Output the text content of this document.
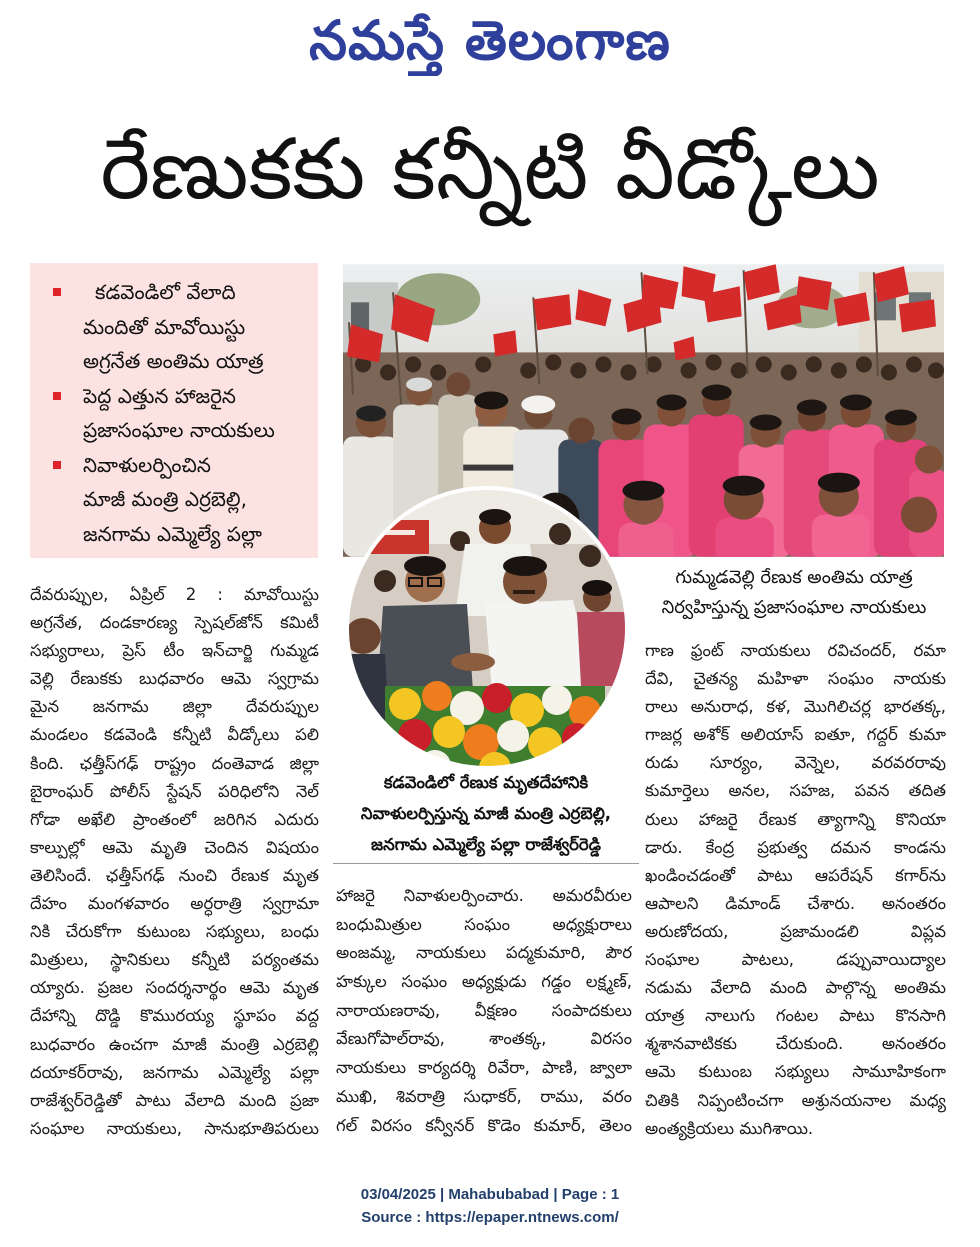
నమస్తే తెలంగాణ
రేణుకకు కన్నీటి వీడ్కోలు
కడవెండిలో వేలాది
మందితో మావోయిస్టు
అగ్రనేత అంతిమ యాత్ర
పెద్ద ఎత్తున హాజరైన
ప్రజాసంఘాల నాయకులు
నివాళులర్పించిన
మాజీ మంత్రి ఎర్రబెల్లి,
జనగామ ఎమ్మెల్యే పల్లా
గుమ్మడవెల్లి రేణుక అంతిమ యాత్ర
నిర్వహిస్తున్న ప్రజాసంఘాల నాయకులు
కడవెండిలో రేణుక మృతదేహానికి
నివాళులర్పిస్తున్న మాజీ మంత్రి ఎర్రబెల్లి,
జనగామ ఎమ్మెల్యే పల్లా రాజేశ్వర్‌రెడ్డి
దేవరుప్పుల, ఏప్రిల్ 2 : మావోయిస్టు
అగ్రనేత, దండకారణ్య స్పెషల్‌జోన్ కమిటీ
సభ్యురాలు, ప్రెస్ టీం ఇన్‌చార్జి గుమ్మడ
వెల్లి రేణుకకు బుధవారం ఆమె స్వగ్రామ
మైన జనగామ జిల్లా దేవరుప్పుల
మండలం కడవెండి కన్నీటి వీడ్కోలు పలి
కింది. ఛత్తీస్‌గఢ్ రాష్ట్రం దంతెవాడ జిల్లా
బైరాంఘర్ పోలీస్ స్టేషన్ పరిధిలోని నెల్
గోడా అఖేలి ప్రాంతంలో జరిగిన ఎదురు
కాల్పుల్లో ఆమె మృతి చెందిన విషయం
తెలిసిందే. ఛత్తీస్‌గఢ్ నుంచి రేణుక మృత
దేహం మంగళవారం అర్ధరాత్రి స్వగ్రామా
నికి చేరుకోగా కుటుంబ సభ్యులు, బంధు
మిత్రులు, స్థానికులు కన్నీటి పర్యంతమ
య్యారు. ప్రజల సందర్శనార్థం ఆమె మృత
దేహాన్ని దొడ్డి కొమురయ్య స్థూపం వద్ద
బుధవారం ఉంచగా మాజీ మంత్రి ఎర్రబెల్లి
దయాకర్‌రావు, జనగామ ఎమ్మెల్యే పల్లా
రాజేశ్వర్‌రెడ్డితో పాటు వేలాది మంది ప్రజా
సంఘాల నాయకులు, సానుభూతిపరులు
హాజరై నివాళులర్పించారు. అమరవీరుల
బంధుమిత్రుల సంఘం అధ్యక్షురాలు
అంజమ్మ, నాయకులు పద్మకుమారి, పౌర
హక్కుల సంఘం అధ్యక్షుడు గడ్డం లక్ష్మణ్,
నారాయణరావు, వీక్షణం సంపాదకులు
వేణుగోపాల్‌రావు, శాంతక్క, విరసం
నాయకులు కార్యదర్శి రివేరా, పాణి, జ్వాలా
ముఖి, శివరాత్రి సుధాకర్, రాము, వరం
గల్ విరసం కన్వీనర్ కొడెం కుమార్, తెలం
గాణ ఫ్రంట్ నాయకులు రవిచందర్, రమా
దేవి, చైతన్య మహిళా సంఘం నాయకు
రాలు అనురాధ, కళ, మొగిలిచర్ల భారతక్క,
గాజర్ల అశోక్ అలియాస్ ఐతూ, గద్దర్ కుమా
రుడు సూర్యం, వెన్నెల, వరవరరావు
కుమార్తెలు అనల, సహజ, పవన తదిత
రులు హాజరై రేణుక త్యాగాన్ని కొనియా
డారు. కేంద్ర ప్రభుత్వ దమన కాండను
ఖండించడంతో పాటు ఆపరేషన్ కగార్‌ను
ఆపాలని డిమాండ్ చేశారు. అనంతరం
అరుణోదయ, ప్రజామండలి విప్లవ
సంఘాల పాటలు, డప్పువాయిద్యాల
నడుమ వేలాది మంది పాల్గొన్న అంతిమ
యాత్ర నాలుగు గంటల పాటు కొనసాగి
శ్మశానవాటికకు చేరుకుంది. అనంతరం
ఆమె కుటుంబ సభ్యులు సామూహికంగా
చితికి నిప్పంటించగా అశ్రునయనాల మధ్య
అంత్యక్రియలు ముగిశాయి.
03/04/2025 | Mahabubabad | Page : 1
Source : https://epaper.ntnews.com/
